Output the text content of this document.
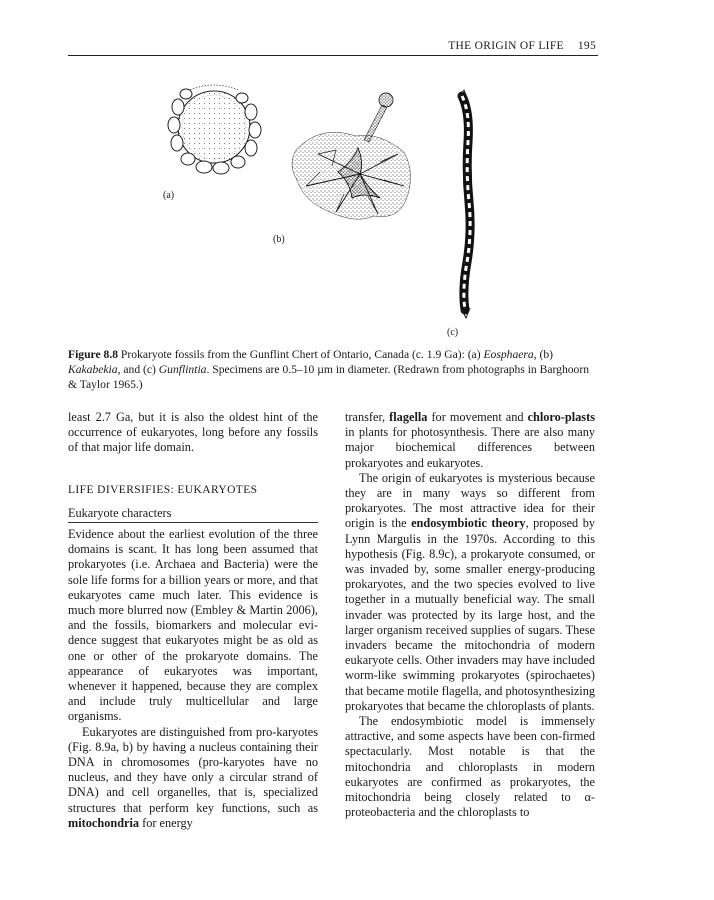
THE ORIGIN OF LIFE 195
(a)
(b)
(c)
Figure 8.8 Prokaryote fossils from the Gunflint Chert of Ontario, Canada (c. 1.9 Ga): (a) Eosphaera, (b) Kakabekia, and (c) Gunflintia. Specimens are 0.5–10 µm in diameter. (Redrawn from photographs in Barghoorn & Taylor 1965.)

least 2.7 Ga, but it is also the oldest hint of the occurrence of eukaryotes, long before any fossils of that major life domain.

LIFE DIVERSIFIES: EUKARYOTES
Eukaryote characters

Evidence about the earliest evolution of the three domains is scant. It has long been assumed that prokaryotes (i.e. Archaea and Bacteria) were the sole life forms for a billion years or more, and that eukaryotes came much later. This evidence is much more blurred now (Embley & Martin 2006), and the fossils, biomarkers and molecular evi-dence suggest that eukaryotes might be as old as one or other of the prokaryote domains. The appearance of eukaryotes was important, whenever it happened, because they are complex and include truly multicellular and large organisms.

Eukaryotes are distinguished from pro-karyotes (Fig. 8.9a, b) by having a nucleus containing their DNA in chromosomes (pro-karyotes have no nucleus, and they have only a circular strand of DNA) and cell organelles, that is, specialized structures that perform key functions, such as mitochondria for energy

transfer, flagella for movement and chloro-plasts in plants for photosynthesis. There are also many major biochemical differences between prokaryotes and eukaryotes.

The origin of eukaryotes is mysterious because they are in many ways so different from prokaryotes. The most attractive idea for their origin is the endosymbiotic theory, proposed by Lynn Margulis in the 1970s. According to this hypothesis (Fig. 8.9c), a prokaryote consumed, or was invaded by, some smaller energy-producing prokaryotes, and the two species evolved to live together in a mutually beneficial way. The small invader was protected by its large host, and the larger organism received supplies of sugars. These invaders became the mitochondria of modern eukaryote cells. Other invaders may have included worm-like swimming prokaryotes (spirochaetes) that became motile flagella, and photosynthesizing prokaryotes that became the chloroplasts of plants.

The endosymbiotic model is immensely attractive, and some aspects have been con-firmed spectacularly. Most notable is that the mitochondria and chloroplasts in modern eukaryotes are confirmed as prokaryotes, the mitochondria being closely related to α-proteobacteria and the chloroplasts to
